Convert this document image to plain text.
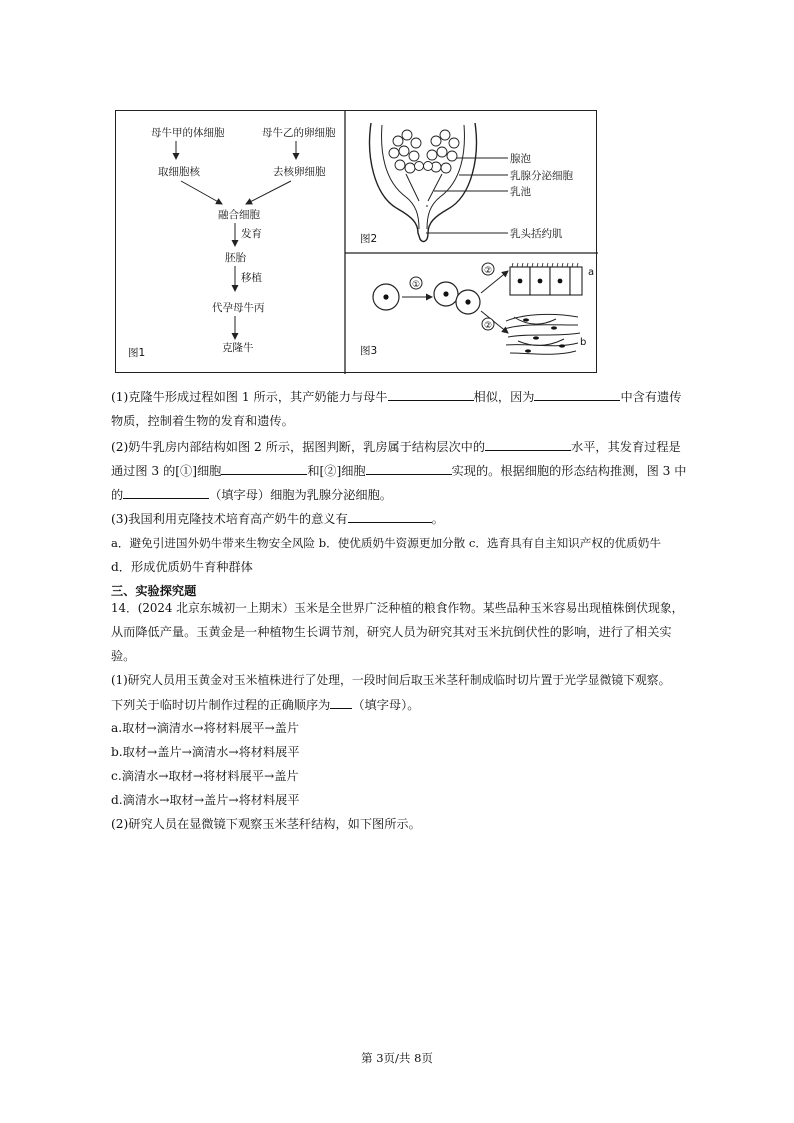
母牛甲的体细胞	母牛乙的卵细胞
取细胞核	去核卵细胞
融合细胞
发育
胚胎
移植
代孕母牛丙
克隆牛
图1
腺泡
乳腺分泌细胞
乳池
乳头括约肌
图2
①
②
②
a
b
图3
(1)克隆牛形成过程如图 1 所示，其产奶能力与母牛	相似，因为	中含有遗传
物质，控制着生物的发育和遗传。
(2)奶牛乳房内部结构如图 2 所示，据图判断，乳房属于结构层次中的	水平，其发育过程是
通过图 3 的[①]细胞	和[②]细胞	实现的。根据细胞的形态结构推测，图 3 中
的	（填字母）细胞为乳腺分泌细胞。
(3)我国利用克隆技术培育高产奶牛的意义有	。
a．避免引进国外奶牛带来生物安全风险 b．使优质奶牛资源更加分散 c．选育具有自主知识产权的优质奶牛
d．形成优质奶牛育种群体
三、实验探究题
14．(2024 北京东城初一上期末）玉米是全世界广泛种植的粮食作物。某些品种玉米容易出现植株倒伏现象，
从而降低产量。玉黄金是一种植物生长调节剂，研究人员为研究其对玉米抗倒伏性的影响，进行了相关实
验。
(1)研究人员用玉黄金对玉米植株进行了处理，一段时间后取玉米茎秆制成临时切片置于光学显微镜下观察。
下列关于临时切片制作过程的正确顺序为 （填字母）。
a.取材→滴清水→将材料展平→盖片
b.取材→盖片→滴清水→将材料展平
c.滴清水→取材→将材料展平→盖片
d.滴清水→取材→盖片→将材料展平
(2)研究人员在显微镜下观察玉米茎秆结构，如下图所示。
第 3页/共 8页
